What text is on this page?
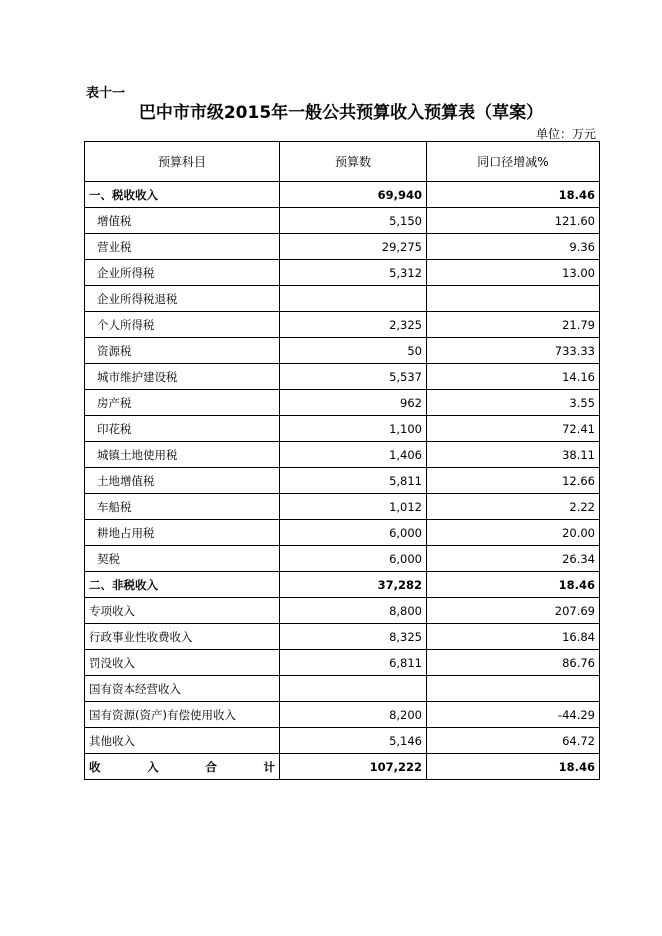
表十一
巴中市市级2015年一般公共预算收入预算表（草案）
单位：万元
预算科目	预算数	同口径增减%
一、税收收入	69,940	18.46
增值税	5,150	121.60
营业税	29,275	9.36
企业所得税	5,312	13.00
企业所得税退税		
个人所得税	2,325	21.79
资源税	50	733.33
城市维护建设税	5,537	14.16
房产税	962	3.55
印花税	1,100	72.41
城镇土地使用税	1,406	38.11
土地增值税	5,811	12.66
车船税	1,012	2.22
耕地占用税	6,000	20.00
契税	6,000	26.34
二、非税收入	37,282	18.46
专项收入	8,800	207.69
行政事业性收费收入	8,325	16.84
罚没收入	6,811	86.76
国有资本经营收入		
国有资源(资产)有偿使用收入	8,200	-44.29
其他收入	5,146	64.72

收 入 合 计	107,222	18.46
